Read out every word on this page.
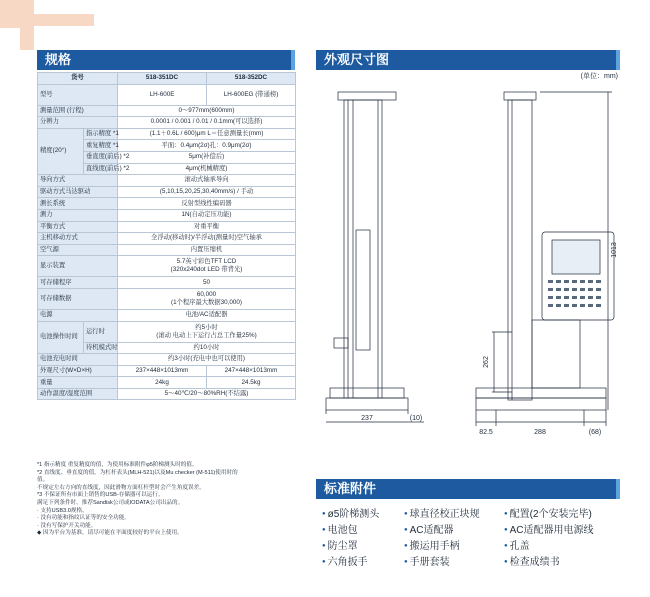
规格	外观尺寸图
标准附件
货号		518-351DC	518-352DC
型号		LH-600E	LH-600EG (带通榜)
测量范围 (行程)		0～977mm(600mm)	
分辨力		0.0001 / 0.001 / 0.01 / 0.1mm(可以选择)	
精度(20°)	指示精度 *1	(1.1＋0.6L / 600)μm L＝任意测量长(mm)	
	重复精度 *1	平面：0.4μm(2σ)孔：0.9μm(2σ)	
	垂直度(前后) *2	5μm(补偿后)	
	直线度(前后) *2	4μm(机械精度)	
导向方式		滚动式轴承导向	
驱动方式马达驱动		(5,10,15,20,25,30,40mm/s) / 手动	
测长系统		反射型线性编码器	
测力		1N(自动定压功能)	
平衡方式		对重平衡	
主机移动方式		全浮动(移动时)/半浮动(测量时)空气轴承	
空气源		内置压缩机	
显示装置		5.7英寸彩色TFT LCD
(320x240dot LED 带背光)	

可存储程序		50	
可存储数据		60,000
(1个程序最大数据30,000)	

电源		电池/AC适配器	
电池操作时间	运行时	约5小时
(滚动 电动上下运行占总工作量25%)	

	待机模式时	约10小时	
电池充电时间		约3小时(充电中也可以使用)	
外观尺寸(W×D×H)		237×448×1013mm	247×448×1013mm
重量		24kg	24.5kg
动作温度/湿度范围		5～40℃/20～80%RH(不结露)	
*1 指示精度 重复精度的值，为使用标准附件φ5阶梯测头时的值。
*2 直线度、垂直度的值，为杠杆表头(MLH-521)以及Mu checker (M-511)使用时的
值。
不规定左右方向的直线度，因此滑物方面杠杆型时会产生角度误差。
*3 不保证所有市面上销售的USB-存储器可以运行。
满足下列条件时，推荐Sandisk公司或IODATA公司出品的。
· 支持USB3.0规格。
· 没有功能和指纹认证等的安全功能。
· 没有写保护开关功能。
◆ 因为平台为基准，请尽可能在平面度较好的平台上使用。
(单位：mm)
237	(10)
1013
262
82.5	288	(68)
● ø5阶梯测头	● 球直径校正块规	● 配置(2个安装完毕)
● 电池包	● AC适配器	● AC适配器用电源线
● 防尘罩	● 搬运用手柄	● 孔盖
● 六角扳手	● 手册套装	● 检查成绩书
